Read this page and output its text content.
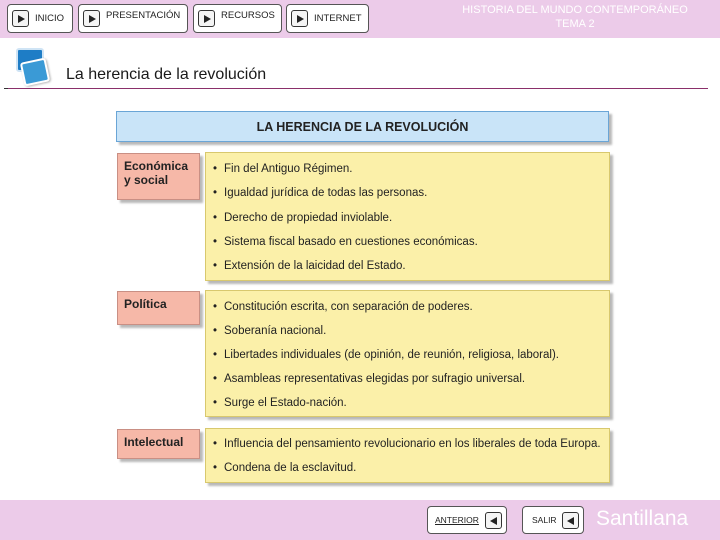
INICIO	PRESENTACIÓN	RECURSOS	INTERNET
HISTORIA DEL MUNDO CONTEMPORÁNEO
TEMA 2
La herencia de la revolución
LA HERENCIA DE LA REVOLUCIÓN
Económica
y social
• Fin del Antiguo Régimen.
• Igualdad jurídica de todas las personas.
• Derecho de propiedad inviolable.
• Sistema fiscal basado en cuestiones económicas.
• Extensión de la laicidad del Estado.
Política	• Constitución escrita, con separación de poderes.
• Soberanía nacional.
• Libertades individuales (de opinión, de reunión, religiosa, laboral).
• Asambleas representativas elegidas por sufragio universal.
• Surge el Estado-nación.
Intelectual	• Influencia del pensamiento revolucionario en los liberales de toda Europa.
• Condena de la esclavitud.
ANTERIOR	SALIR Santillana
